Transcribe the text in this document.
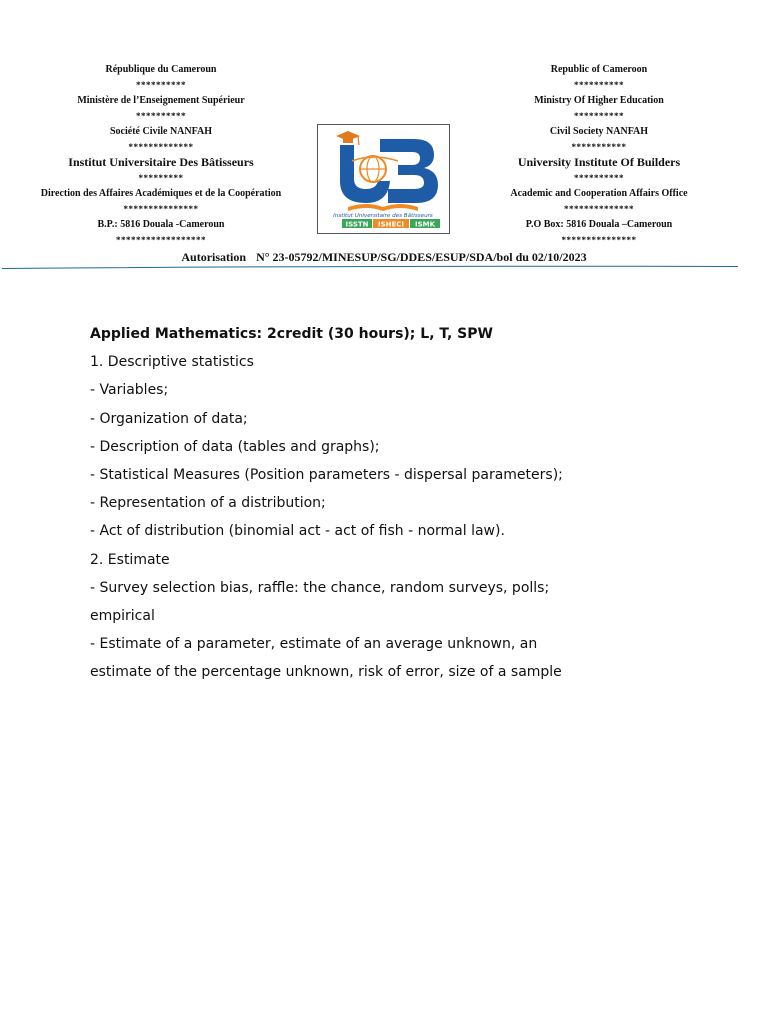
République du Cameroun
**********
Ministère de l’Enseignement Supérieur
**********
Société Civile NANFAH
*************
Institut Universitaire Des Bâtisseurs
*********
Direction des Affaires Académiques et de la Coopération
***************
B.P.: 5816 Douala -Cameroun
******************
Republic of Cameroon
**********
Ministry Of Higher Education
**********
Civil Society NANFAH
***********
University Institute Of Builders
**********
Academic and Cooperation Affairs Office
**************
P.O Box: 5816 Douala –Cameroun
***************
Institut Universitaire des Bâtisseurs
ISSTN ISHECI ISMK
Autorisation N° 23-05792/MINESUP/SG/DDES/ESUP/SDA/bol du 02/10/2023

Applied Mathematics: 2credit (30 hours); L, T, SPW

1. Descriptive statistics

- Variables;

- Organization of data;

- Description of data (tables and graphs);

- Statistical Measures (Position parameters - dispersal parameters);

- Representation of a distribution;

- Act of distribution (binomial act - act of fish - normal law).

2. Estimate

- Survey selection bias, raffle: the chance, random surveys, polls; empirical

- Estimate of a parameter, estimate of an average unknown, an estimate of the percentage unknown, risk of error, size of a sample
